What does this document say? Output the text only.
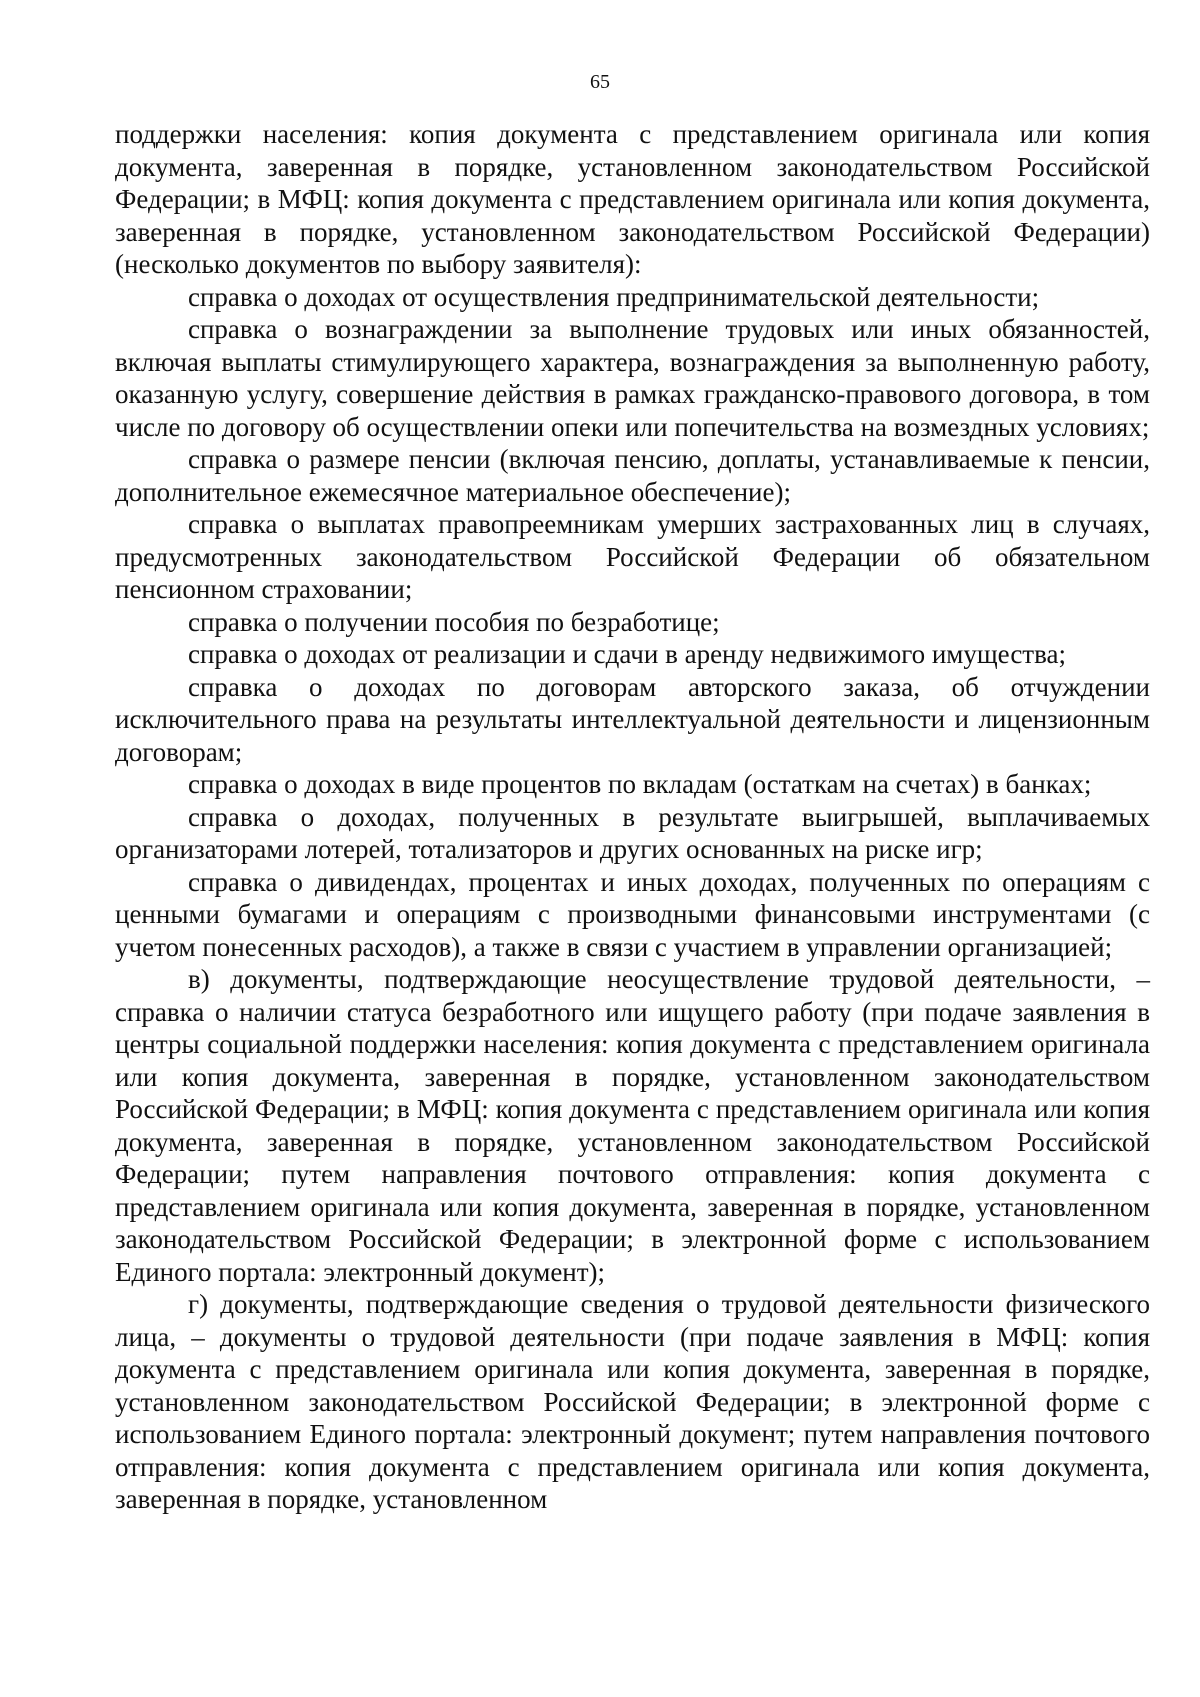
65

поддержки населения: копия документа с представлением оригинала или копия документа, заверенная в порядке, установленном законодательством Российской Федерации; в МФЦ: копия документа с представлением оригинала или копия документа, заверенная в порядке, установленном законодательством Российской Федерации) (несколько документов по выбору заявителя):

справка о доходах от осуществления предпринимательской деятельности;

справка о вознаграждении за выполнение трудовых или иных обязанностей, включая выплаты стимулирующего характера, вознаграждения за выполненную работу, оказанную услугу, совершение действия в рамках гражданско-правового договора, в том числе по договору об осуществлении опеки или попечительства на возмездных условиях;

справка о размере пенсии (включая пенсию, доплаты, устанавливаемые к пенсии, дополнительное ежемесячное материальное обеспечение);

справка о выплатах правопреемникам умерших застрахованных лиц в случаях, предусмотренных законодательством Российской Федерации об обязательном пенсионном страховании;

справка о получении пособия по безработице;

справка о доходах от реализации и сдачи в аренду недвижимого имущества;

справка о доходах по договорам авторского заказа, об отчуждении исключительного права на результаты интеллектуальной деятельности и лицензионным договорам;

справка о доходах в виде процентов по вкладам (остаткам на счетах) в банках;

справка о доходах, полученных в результате выигрышей, выплачиваемых организаторами лотерей, тотализаторов и других основанных на риске игр;

справка о дивидендах, процентах и иных доходах, полученных по операциям с ценными бумагами и операциям с производными финансовыми инструментами (с учетом понесенных расходов), а также в связи с участием в управлении организацией;

в) документы, подтверждающие неосуществление трудовой деятельности, – справка о наличии статуса безработного или ищущего работу (при подаче заявления в центры социальной поддержки населения: копия документа с представлением оригинала или копия документа, заверенная в порядке, установленном законодательством Российской Федерации; в МФЦ: копия документа с представлением оригинала или копия документа, заверенная в порядке, установленном законодательством Российской Федерации; путем направления почтового отправления: копия документа с представлением оригинала или копия документа, заверенная в порядке, установленном законодательством Российской Федерации; в электронной форме с использованием Единого портала: электронный документ);

г) документы, подтверждающие сведения о трудовой деятельности физического лица, – документы о трудовой деятельности (при подаче заявления в МФЦ: копия документа с представлением оригинала или копия документа, заверенная в порядке, установленном законодательством Российской Федерации; в электронной форме с использованием Единого портала: электронный документ; путем направления почтового отправления: копия документа с представлением оригинала или копия документа, заверенная в порядке, установленном
